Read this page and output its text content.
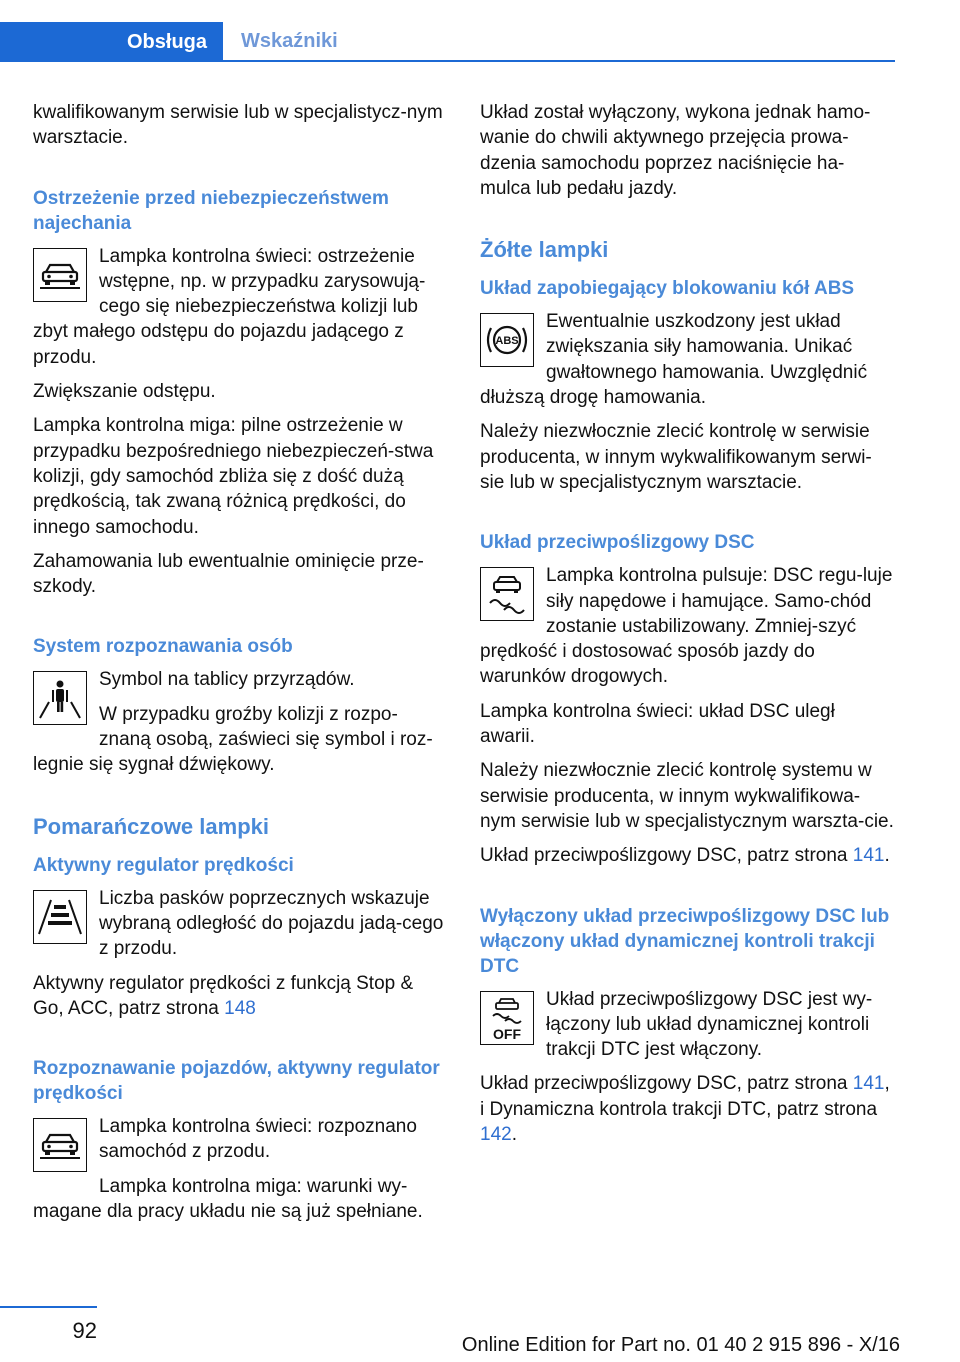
Obsługa	Wskaźniki

kwalifikowanym serwisie lub w specjalistycz‐nym warsztacie.

Ostrzeżenie przed niebezpieczeństwem najechania

Lampka kontrolna świeci: ostrzeżenie wstępne, np. w przypadku zarysowują‐cego się niebezpieczeństwa kolizji lub zbyt małego odstępu do pojazdu jadącego z przodu.

Zwiększanie odstępu.

Lampka kontrolna miga: pilne ostrzeżenie w przypadku bezpośredniego niebezpieczeń‐stwa kolizji, gdy samochód zbliża się z dość dużą prędkością, tak zwaną różnicą prędkości, do innego samochodu.

Zahamowania lub ewentualnie ominięcie prze‐szkody.

System rozpoznawania osób

Symbol na tablicy przyrządów.

W przypadku groźby kolizji z rozpo‐znaną osobą, zaświeci się symbol i roz‐legnie się sygnał dźwiękowy.

Pomarańczowe lampki
Aktywny regulator prędkości

Liczba pasków poprzecznych wskazuje wybraną odległość do pojazdu jadą‐cego z przodu.

Aktywny regulator prędkości z funkcją Stop & Go, ACC, patrz strona 148

Rozpoznawanie pojazdów, aktywny regulator prędkości

Lampka kontrolna świeci: rozpoznano samochód z przodu.

Lampka kontrolna miga: warunki wy‐magane dla pracy układu nie są już spełniane.

Układ został wyłączony, wykona jednak hamo‐wanie do chwili aktywnego przejęcia prowa‐dzenia samochodu poprzez naciśnięcie ha‐mulca lub pedału jazdy.

Żółte lampki
Układ zapobiegający blokowaniu kół ABS
ABS

Ewentualnie uszkodzony jest układ zwiększania siły hamowania. Unikać gwałtownego hamowania. Uwzględnić dłuższą drogę hamowania.

Należy niezwłocznie zlecić kontrolę w serwisie producenta, w innym wykwalifikowanym serwi‐sie lub w specjalistycznym warsztacie.

Układ przeciwpoślizgowy DSC

Lampka kontrolna pulsuje: DSC regu‐luje siły napędowe i hamujące. Samo‐chód zostanie ustabilizowany. Zmniej‐szyć prędkość i dostosować sposób jazdy do warunków drogowych.

Lampka kontrolna świeci: układ DSC uległ awarii.

Należy niezwłocznie zlecić kontrolę systemu w serwisie producenta, w innym wykwalifikowa‐nym serwisie lub w specjalistycznym warszta‐cie.

Układ przeciwpoślizgowy DSC, patrz strona 141.

Wyłączony układ przeciwpoślizgowy DSC lub włączony układ dynamicznej kontroli trakcji DTC
OFF

Układ przeciwpoślizgowy DSC jest wy‐łączony lub układ dynamicznej kontroli trakcji DTC jest włączony.

Układ przeciwpoślizgowy DSC, patrz strona 141, i Dynamiczna kontrola trakcji DTC, patrz strona 142.

92
Online Edition for Part no. 01 40 2 915 896 - X/16
